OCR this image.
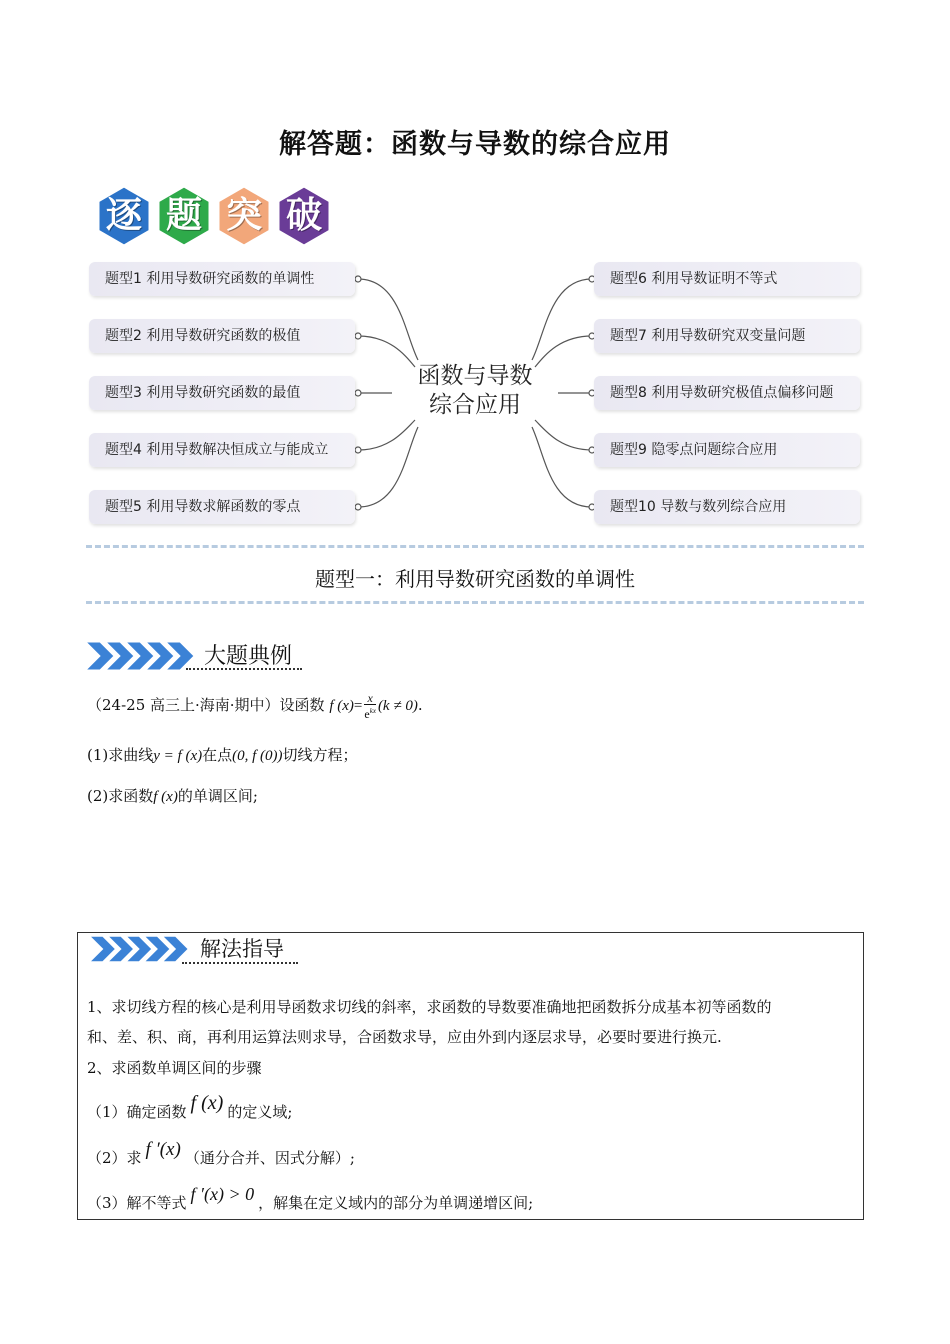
解答题：函数与导数的综合应用
逐 题 突 破
题型1 利用导数研究函数的单调性
题型2 利用导数研究函数的极值
题型3 利用导数研究函数的最值
题型4 利用导数解决恒成立与能成立
题型5 利用导数求解函数的零点
题型6 利用导数证明不等式
题型7 利用导数研究双变量问题
题型8 利用导数研究极值点偏移问题
题型9 隐零点问题综合应用
题型10 导数与数列综合应用
函数与导数
综合应用
题型一：利用导数研究函数的单调性
大题典例
（24-25 高三上·海南·期中）设函数 f $(x)= \frac{x}{e^{kx}} (k \ne 0)$.
(1)求曲线y = f (x)在点(0, f (0))切线方程；
(2)求函数f (x)的单调区间;
解法指导
1、求切线方程的核心是利用导函数求切线的斜率，求函数的导数要准确地把函数拆分成基本初等函数的
和、差、积、商，再利用运算法则求导，合函数求导，应由外到内逐层求导，必要时要进行换元.
2、求函数单调区间的步骤
（1）确定函数 f (x) 的定义域;
（2）求 f ′(x) （通分合并、因式分解）;
（3）解不等式 f ′(x) > 0 ，解集在定义域内的部分为单调递增区间;
